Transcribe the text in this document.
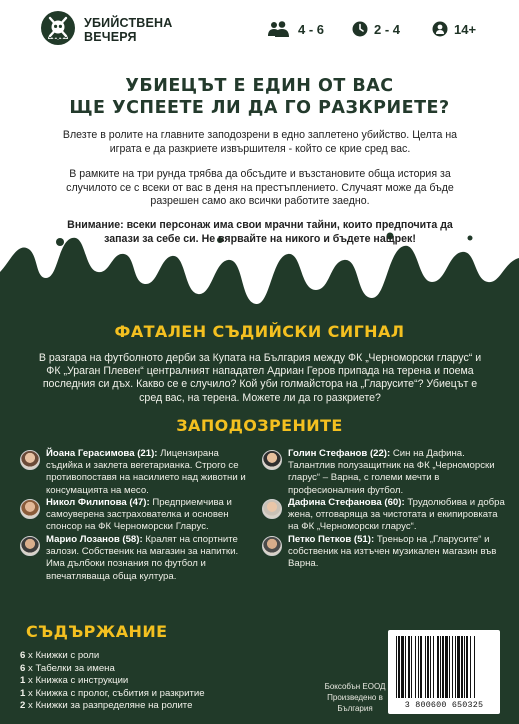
УБИЙСТВЕНА
ВЕЧЕРЯ
4 - 6	2 - 4	14+
УБИЕЦЪТ Е ЕДИН ОТ ВАС
ЩЕ УСПЕЕТЕ ЛИ ДА ГО РАЗКРИЕТЕ?

Влезте в ролите на главните заподозрени в едно заплетено убийство. Целта на играта е да разкриете извършителя - който се крие сред вас.

В рамките на три рунда трябва да обсъдите и възстановите обща история за случилото се с всеки от вас в деня на престъплението. Случаят може да бъде разрешен само ако всички работите заедно.

Внимание: всеки персонаж има свои мрачни тайни, които предпочита да запази за себе си. Не вярвайте на никого и бъдете нащрек!

ФАТАЛЕН СЪДИЙСКИ СИГНАЛ

В разгара на футболното дерби за Купата на България между ФК „Черноморски гларус“ и ФК „Ураган Плевен“ централният нападател Адриан Геров припада на терена и поема последния си дъх. Какво се е случило? Кой уби голмайстора на „Гларусите“? Убиецът е сред вас, на терена. Можете ли да го разкриете?

ЗАПОДОЗРЕНИТЕ
Йоана Герасимова (21): Лицензирана съдийка и заклета вегетарианка. Строго се противопоставя на насилието над животни и консумацията на месо.
Никол Филипова (47): Предприемчива и самоуверена застрахователка и основен спонсор на ФК Черноморски Гларус.
Марио Лозанов (58): Кралят на спортните залози. Собственик на магазин за напитки. Има дълбоки познания по футбол и впечатляваща обща култура.
Голин Стефанов (22): Син на Дафина. Талантлив полузащитник на ФК „Черноморски гларус“ – Варна, с големи мечти в професионалния футбол.
Дафина Стефанова (60): Трудолюбива и добра жена, отговаряща за чистотата и екипировката на ФК „Черноморски гларус“.
Петко Петков (51): Треньор на „Гларусите“ и собственик на изтъчен музикален магазин във Варна.
СЪДЪРЖАНИЕ
6 х Книжки с роли
6 х Табелки за имена
1 х Книжка с инструкции
1 х Книжка с пролог, събития и разкритие
2 х Книжки за разпределяне на ролите
Боксобън ЕООД
Произведено в България	3 800600 650325
